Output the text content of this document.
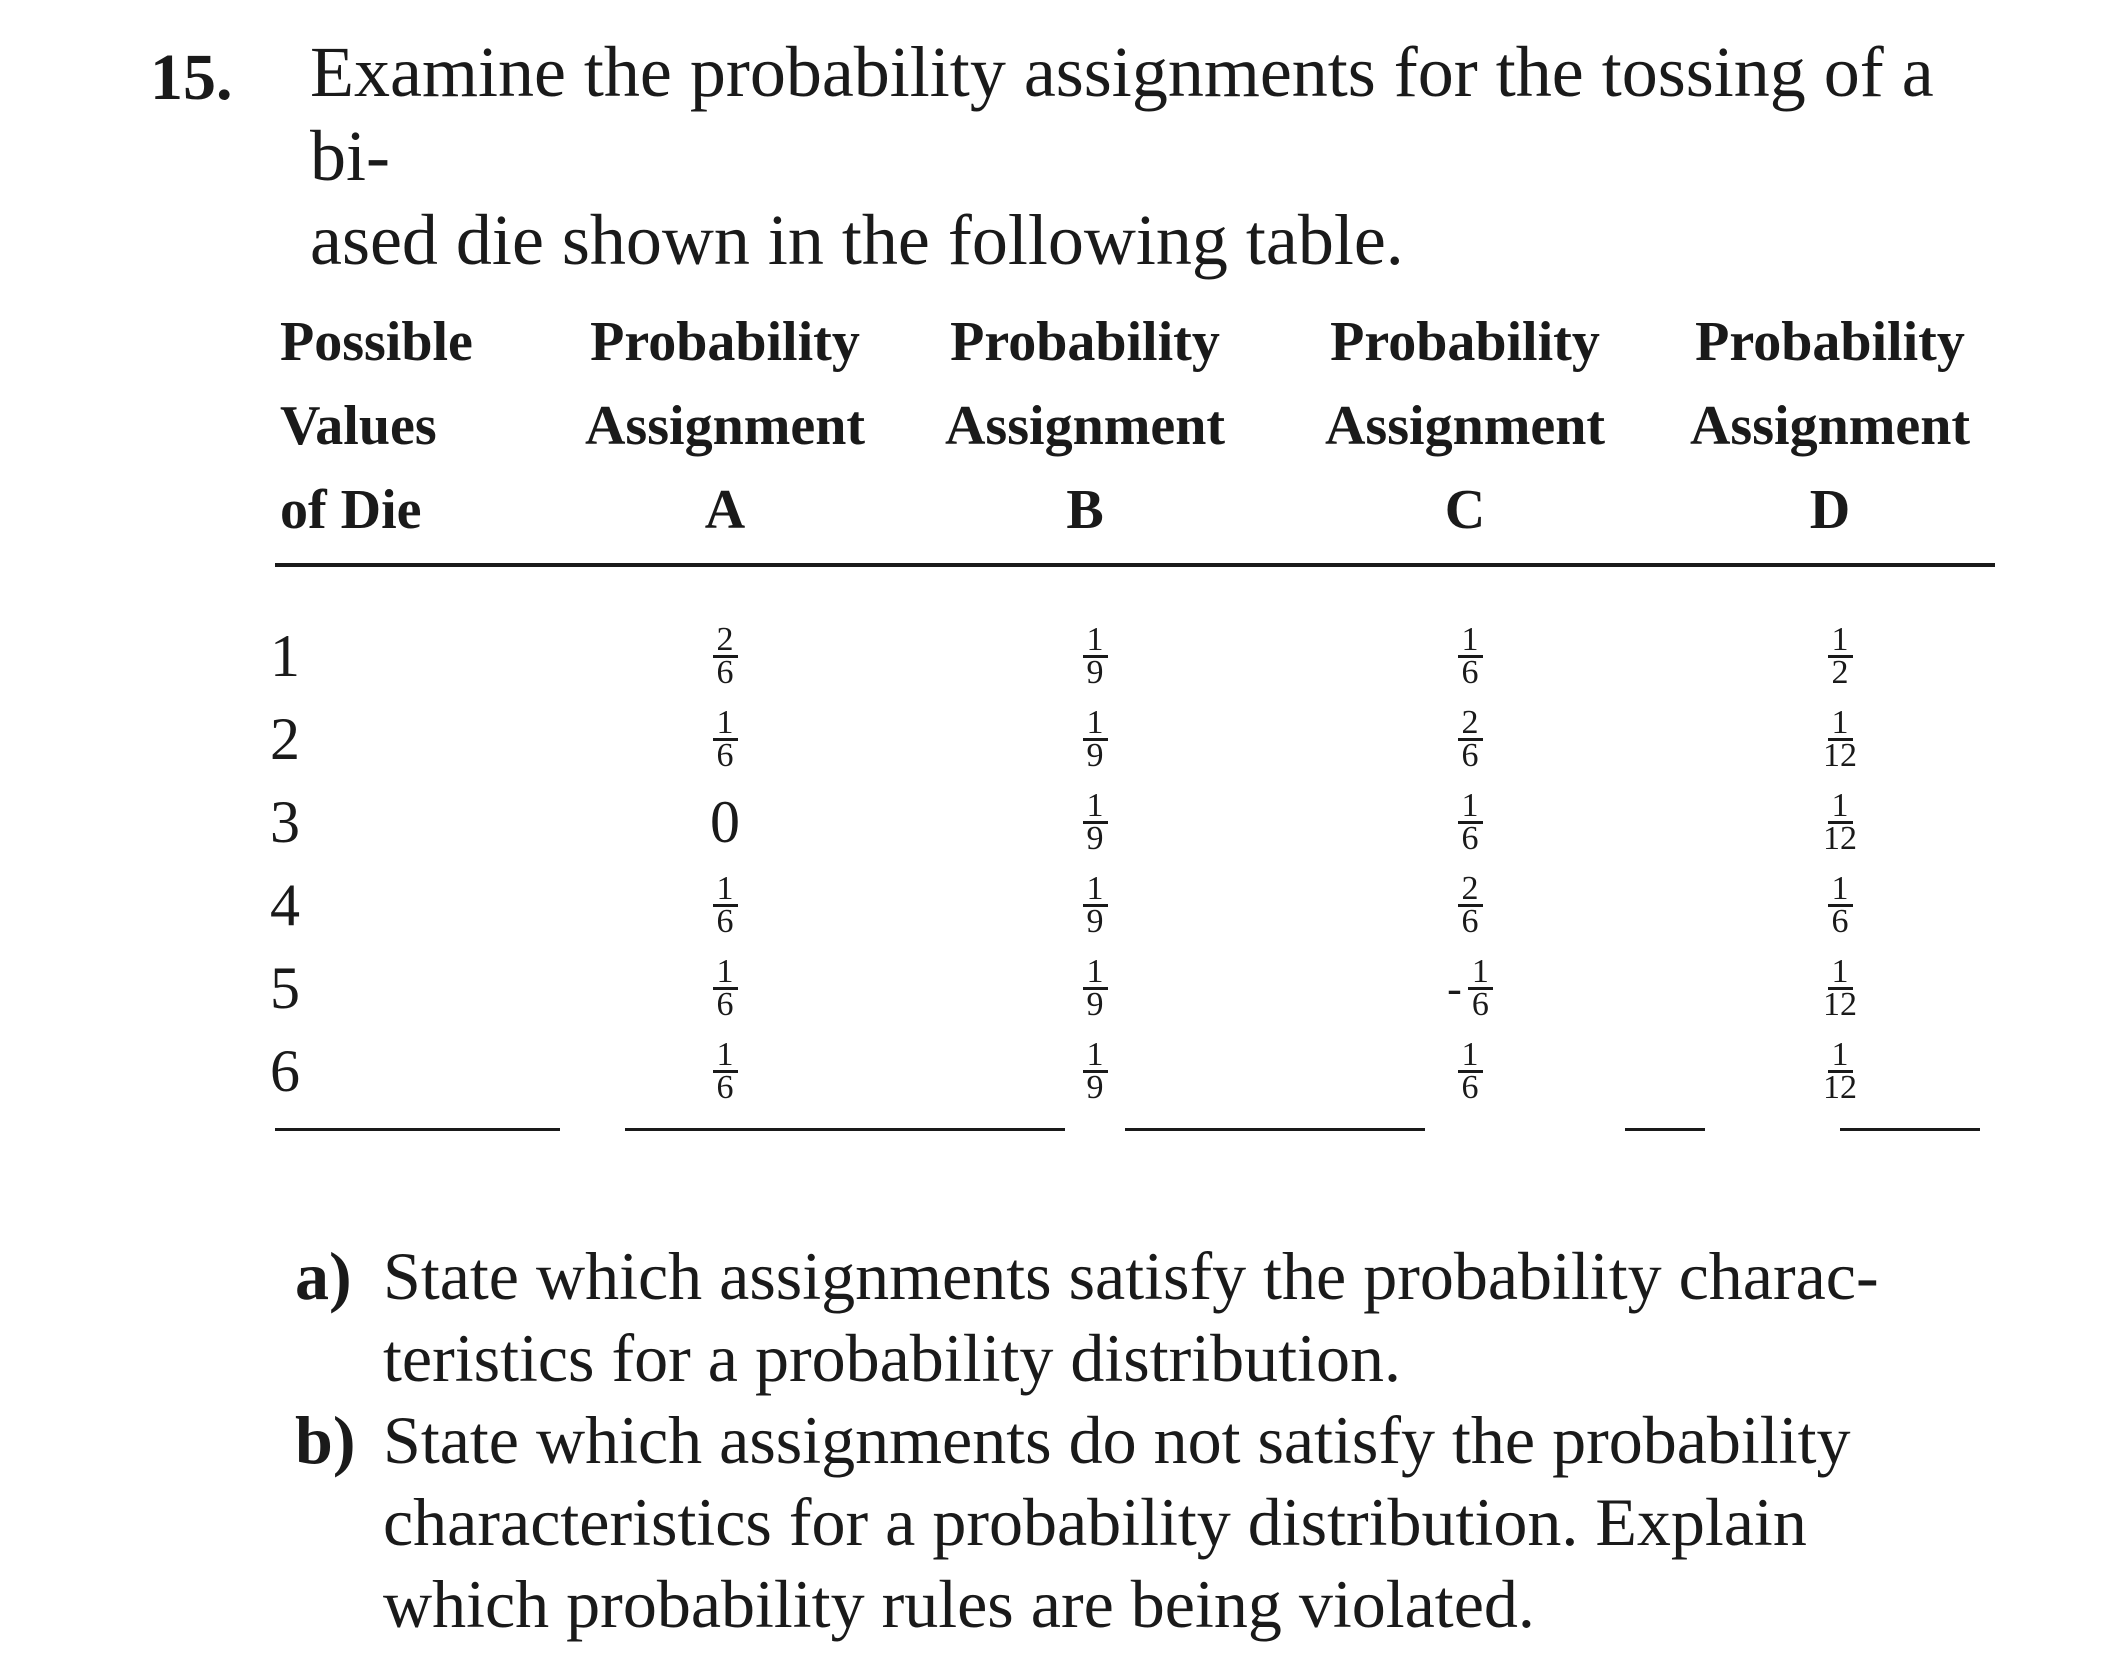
15. Examine the probability assignments for the tossing of a bi-
ased die shown in the following table.
Possible
Values
of Die
Probability
Assignment
A
Probability
Assignment
B
Probability
Assignment
C
Probability
Assignment
D
1
2
3
4
5
6
$\frac{2}{6}$
$\frac{1}{6}$
0
$\frac{1}{6}$
$\frac{1}{6}$
$\frac{1}{6}$
$\frac{1}{9}$
$\frac{1}{9}$
$\frac{1}{9}$
$\frac{1}{9}$
$\frac{1}{9}$
$\frac{1}{9}$
$\frac{1}{6}$
$\frac{2}{6}$
$\frac{1}{6}$
$\frac{2}{6}$
- $\frac{1}{6}$
$\frac{1}{6}$
$\frac{1}{2}$
$\frac{1}{12}$
$\frac{1}{12}$
$\frac{1}{6}$
$\frac{1}{12}$
$\frac{1}{12}$
a) State which assignments satisfy the probability charac-
teristics for a probability distribution.
b) State which assignments do not satisfy the probability
characteristics for a probability distribution. Explain
which probability rules are being violated.
